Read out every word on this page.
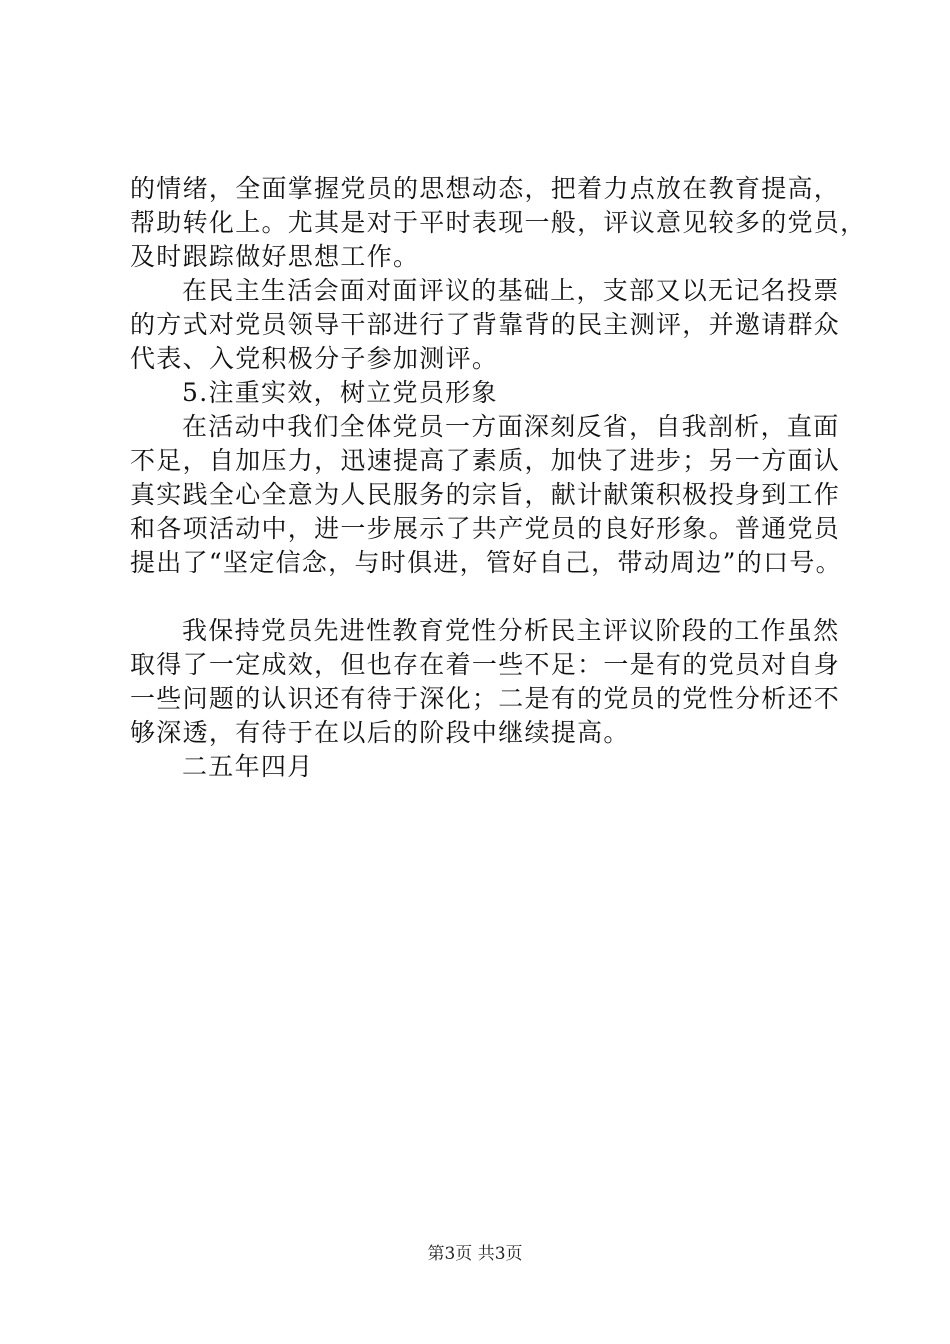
的情绪，全面掌握党员的思想动态，把着力点放在教育提高，
帮助转化上。尤其是对于平时表现一般，评议意见较多的党员，
及时跟踪做好思想工作。
在民主生活会面对面评议的基础上，支部又以无记名投票
的方式对党员领导干部进行了背靠背的民主测评，并邀请群众
代表、入党积极分子参加测评。
5.注重实效，树立党员形象
在活动中我们全体党员一方面深刻反省，自我剖析，直面
不足，自加压力，迅速提高了素质，加快了进步；另一方面认
真实践全心全意为人民服务的宗旨，献计献策积极投身到工作
和各项活动中，进一步展示了共产党员的良好形象。普通党员
提出了“坚定信念，与时俱进，管好自己，带动周边”的口号。
我保持党员先进性教育党性分析民主评议阶段的工作虽然
取得了一定成效，但也存在着一些不足：一是有的党员对自身
一些问题的认识还有待于深化；二是有的党员的党性分析还不
够深透，有待于在以后的阶段中继续提高。
二五年四月
第3页 共3页
